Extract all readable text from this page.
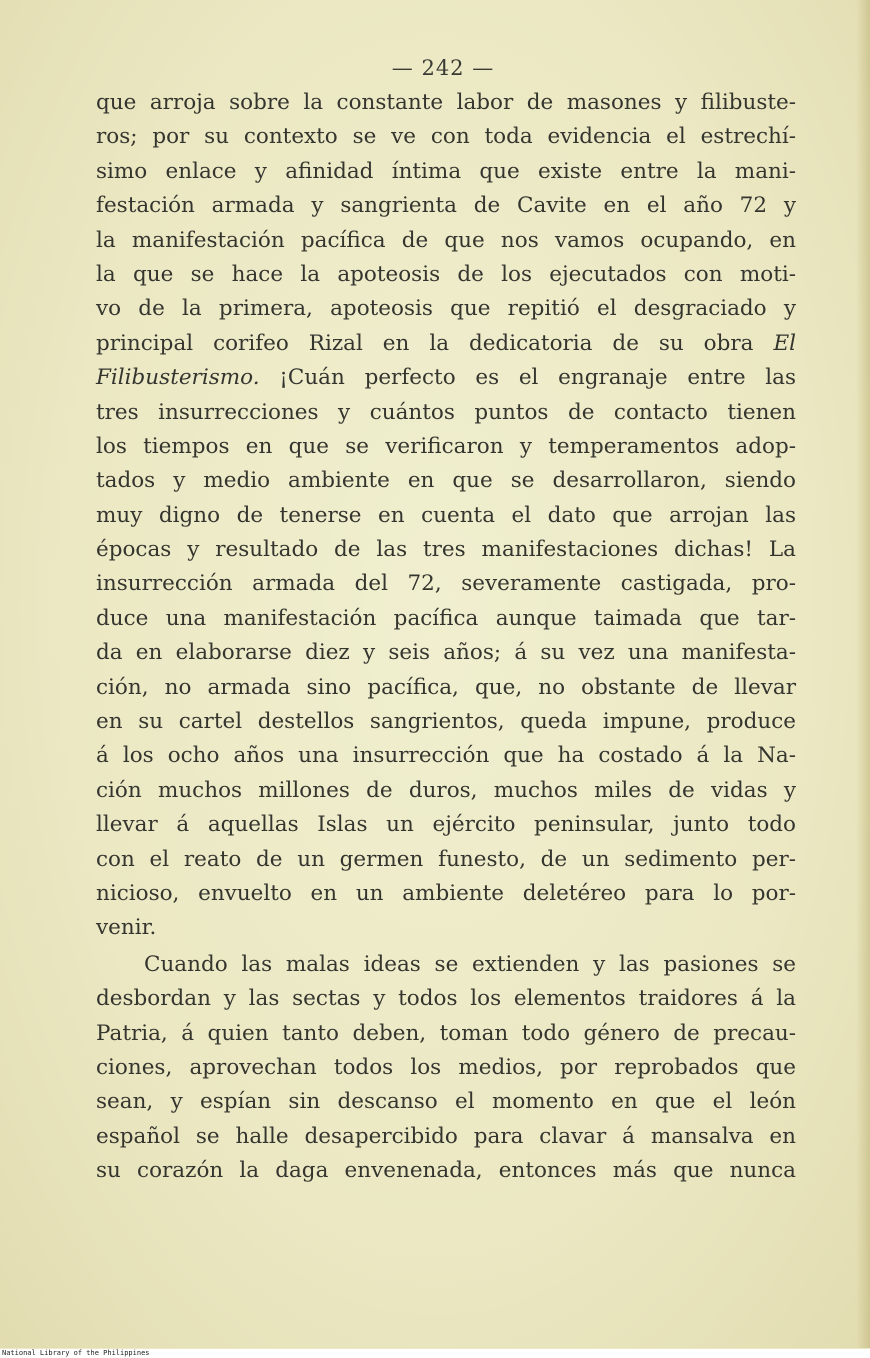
— 242 —
que arroja sobre la constante labor de masones y filibuste-
ros; por su contexto se ve con toda evidencia el estrechí-
simo enlace y afinidad íntima que existe entre la mani-
festación armada y sangrienta de Cavite en el año 72 y
la manifestación pacífica de que nos vamos ocupando, en
la que se hace la apoteosis de los ejecutados con moti-
vo de la primera, apoteosis que repitió el desgraciado y
principal corifeo Rizal en la dedicatoria de su obra El
Filibusterismo. ¡Cuán perfecto es el engranaje entre las
tres insurrecciones y cuántos puntos de contacto tienen
los tiempos en que se verificaron y temperamentos adop-
tados y medio ambiente en que se desarrollaron, siendo
muy digno de tenerse en cuenta el dato que arrojan las
épocas y resultado de las tres manifestaciones dichas! La
insurrección armada del 72, severamente castigada, pro-
duce una manifestación pacífica aunque taimada que tar-
da en elaborarse diez y seis años; á su vez una manifesta-
ción, no armada sino pacífica, que, no obstante de llevar
en su cartel destellos sangrientos, queda impune, produce
á los ocho años una insurrección que ha costado á la Na-
ción muchos millones de duros, muchos miles de vidas y
llevar á aquellas Islas un ejército peninsular, junto todo
con el reato de un germen funesto, de un sedimento per-
nicioso, envuelto en un ambiente deletéreo para lo por-
venir.
Cuando las malas ideas se extienden y las pasiones se
desbordan y las sectas y todos los elementos traidores á la
Patria, á quien tanto deben, toman todo género de precau-
ciones, aprovechan todos los medios, por reprobados que
sean, y espían sin descanso el momento en que el león
español se halle desapercibido para clavar á mansalva en
su corazón la daga envenenada, entonces más que nunca
National Library of the Philippines
